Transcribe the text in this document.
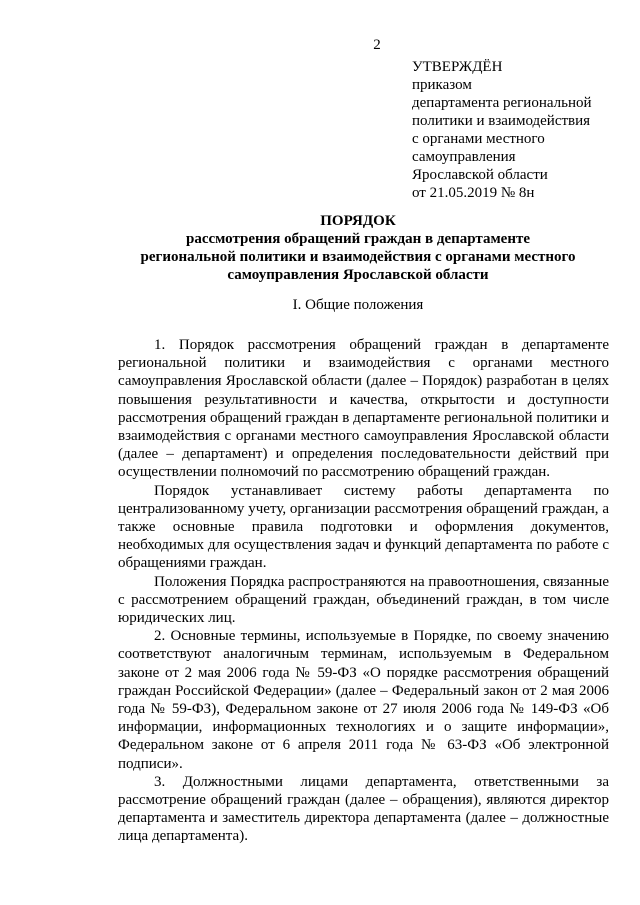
2
УТВЕРЖДЁН
приказом
департамента региональной
политики и взаимодействия
с органами местного
самоуправления
Ярославской области
от 21.05.2019 № 8н
ПОРЯДОК
рассмотрения обращений граждан в департаменте
региональной политики и взаимодействия с органами местного
самоуправления Ярославской области
I. Общие положения

1. Порядок рассмотрения обращений граждан в департаменте региональной политики и взаимодействия с органами местного самоуправления Ярославской области (далее – Порядок) разработан в целях повышения результативности и качества, открытости и доступности рассмотрения обращений граждан в департаменте региональной политики и взаимодействия с органами местного самоуправления Ярославской области (далее – департамент) и определения последовательности действий при осуществлении полномочий по рассмотрению обращений граждан.

Порядок устанавливает систему работы департамента по централизованному учету, организации рассмотрения обращений граждан, а также основные правила подготовки и оформления документов, необходимых для осуществления задач и функций департамента по работе с обращениями граждан.

Положения Порядка распространяются на правоотношения, связанные с рассмотрением обращений граждан, объединений граждан, в том числе юридических лиц.

2. Основные термины, используемые в Порядке, по своему значению соответствуют аналогичным терминам, используемым в Федеральном законе от 2 мая 2006 года № 59-ФЗ «О порядке рассмотрения обращений граждан Российской Федерации» (далее – Федеральный закон от 2 мая 2006 года № 59-ФЗ), Федеральном законе от 27 июля 2006 года № 149-ФЗ «Об информации, информационных технологиях и о защите информации», Федеральном законе от 6 апреля 2011 года № 63-ФЗ «Об электронной подписи».

3. Должностными лицами департамента, ответственными за рассмотрение обращений граждан (далее – обращения), являются директор департамента и заместитель директора департамента (далее – должностные лица департамента).
